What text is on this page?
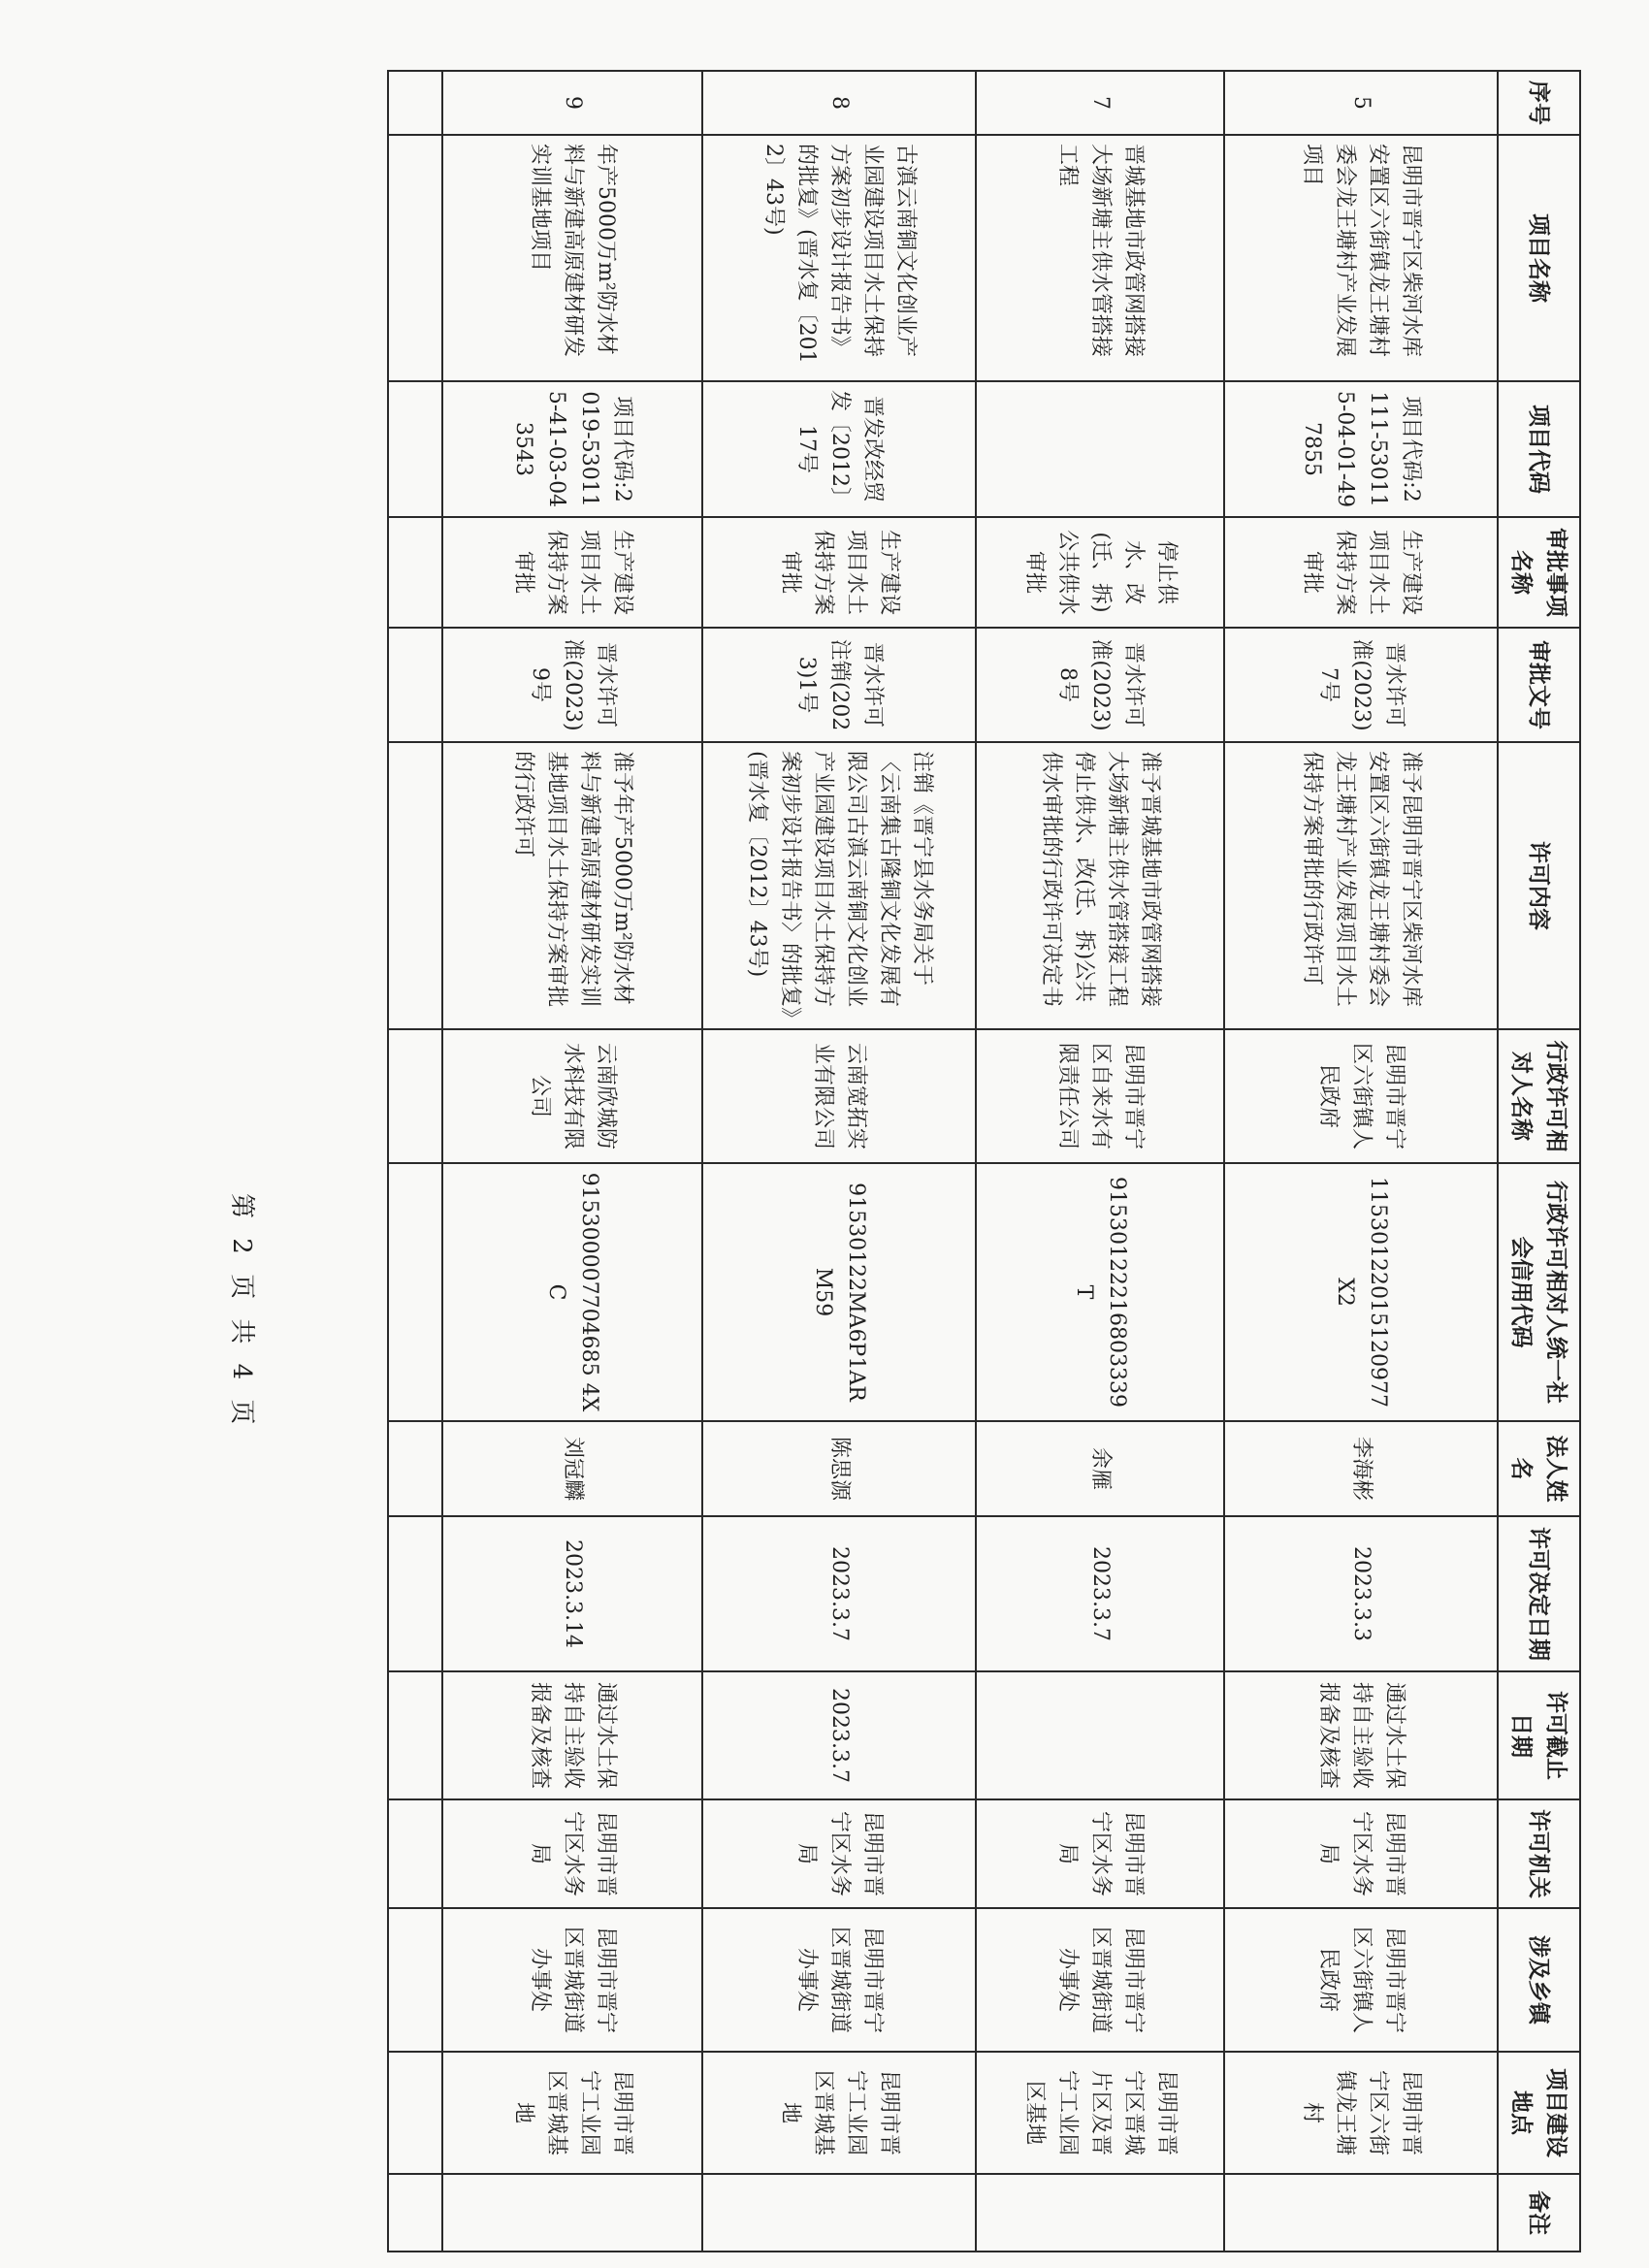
序号	项目名称	项目代码	审批事项名称	审批文号	许可内容	行政许可相对人名称	行政许可相对人统一社会信用代码	法人姓名	许可决定日期	许可截止日期	许可机关	涉及乡镇	项目建设地点	备注
5	昆明市晋宁区柴河水库安置区六街镇龙王塘村委会龙王塘村产业发展项目	项目代码:2111-530115-04-01-497855	生产建设项目水土保持方案审批	晋水许可准(2023)7号	准予昆明市晋宁区柴河水库安置区六街镇龙王塘村委会龙王塘村产业发展项目水土保持方案审批的行政许可	昆明市晋宁区六街镇人民政府	11530122015120977X2	李海彬	2023.3.3	通过水土保持自主验收报备及核查	昆明市晋宁区水务局	昆明市晋宁区六街镇人民政府	昆明市晋宁区六街镇龙王塘村	
7	晋城基地市政管网搭接大场新塘主供水管搭接工程		停止供水、改(迁、拆)公共供水审批	晋水许可准(2023)8号	准予晋城基地市政管网搭接大场新塘主供水管搭接工程停止供水、改(迁、拆)公共供水审批的行政许可决定书	昆明市晋宁区自来水有限责任公司	91530122216803339T	余雁	2023.3.7		昆明市晋宁区水务局	昆明市晋宁区晋城街道办事处	昆明市晋宁区晋城片区及晋宁工业园区基地	
8	古滇云南铜文化创业产业园建设项目水土保持方案初步设计报告书》的批复》(晋水复〔2012〕43号)	晋发改经贸发〔2012〕17号	生产建设项目水土保持方案审批	晋水许可注销(2023)1号	注销《晋宁县水务局关于〈云南集古隆铜文化发展有限公司古滇云南铜文化创业产业园建设项目水土保持方案初步设计报告书〉的批复》(晋水复〔2012〕43号)	云南宽拓实业有限公司	91530122MA6P1ARM59	陈思源	2023.3.7	2023.3.7	昆明市晋宁区水务局	昆明市晋宁区晋城街道办事处	昆明市晋宁工业园区晋城基地	
9	年产5000万m²防水材料与新建高原建材研发实训基地项目	项目代码:2019-530115-41-03-043543	生产建设项目水土保持方案审批	晋水许可准(2023)9号	准予年产5000万m²防水材料与新建高原建材研发实训基地项目水土保持方案审批的行政许可	云南欣城防水科技有限公司	915300007704685 4XC	刘冠麟	2023.3.14	通过水土保持自主验收报备及核查	昆明市晋宁区水务局	昆明市晋宁区晋城街道办事处	昆明市晋宁工业园区晋城基地	

第 2 页 共 4 页
